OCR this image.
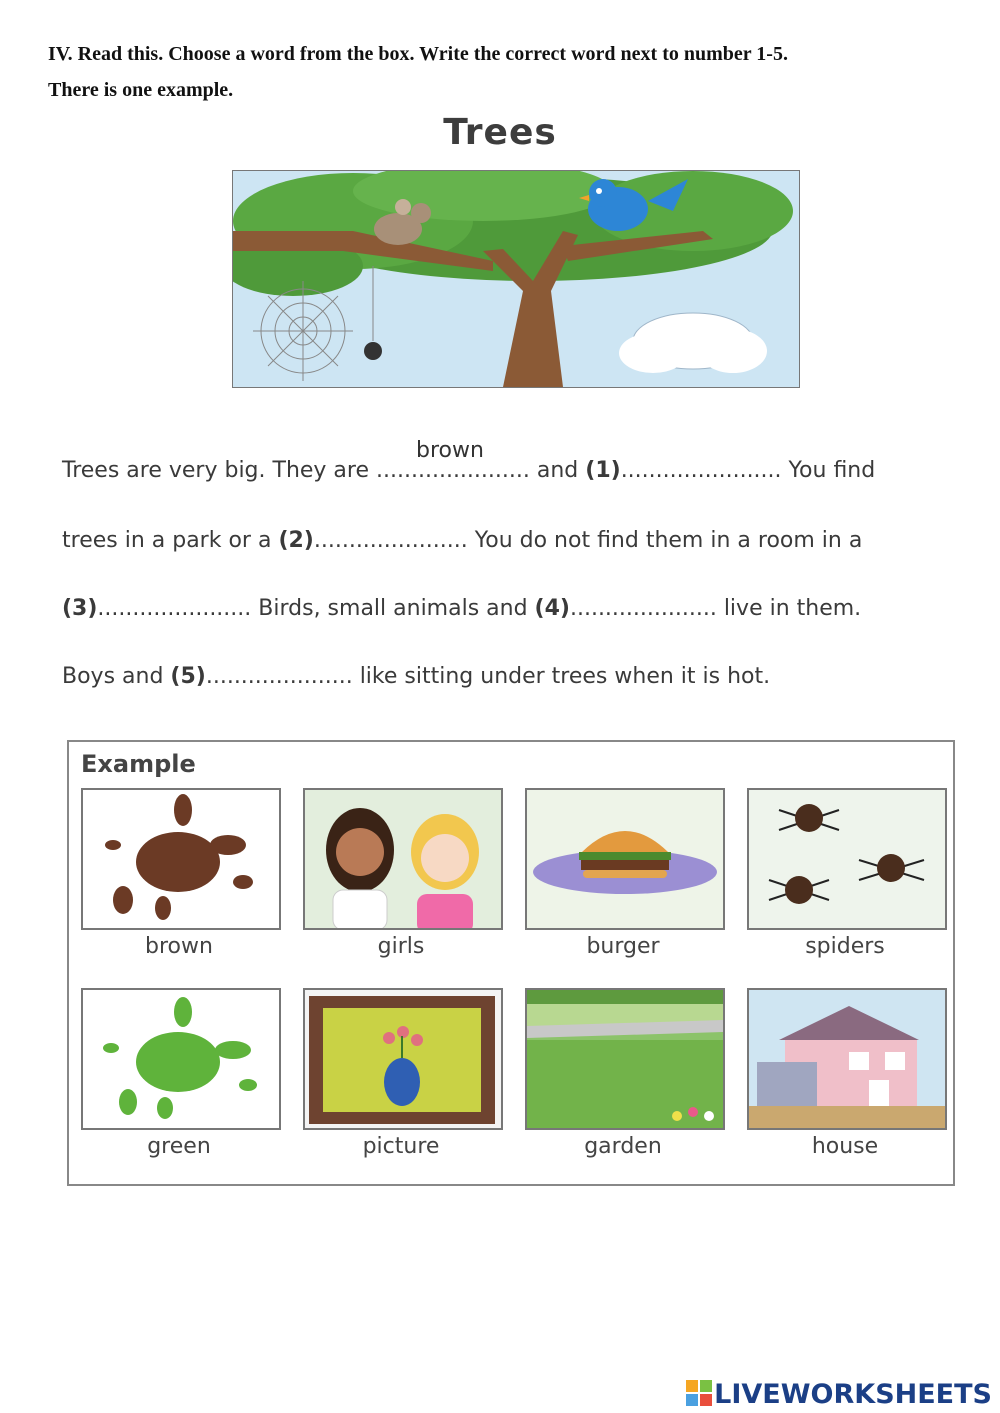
IV. Read this. Choose a word from the box. Write the correct word next to number 1-5.
There is one example.
Trees
Trees are very big. They are ......................
brown
and (1)....................... You find
trees in a park or a (2)...................... You do not find them in a room in a
(3)...................... Birds, small animals and (4)..................... live in them.
Boys and (5)..................... like sitting under trees when it is hot.
Example
brown	girls	burger	spiders
green	picture	garden	house
LIVEWORKSHEETS
